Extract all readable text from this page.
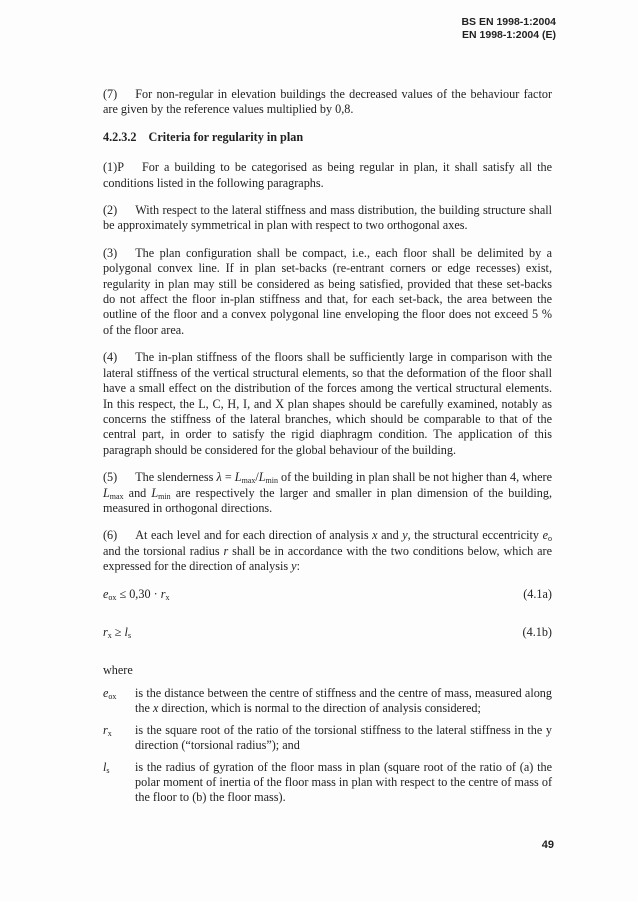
BS EN 1998-1:2004
EN 1998-1:2004 (E)

(7) For non-regular in elevation buildings the decreased values of the behaviour factor are given by the reference values multiplied by 0,8.

4.2.3.2 Criteria for regularity in plan

(1)P For a building to be categorised as being regular in plan, it shall satisfy all the conditions listed in the following paragraphs.

(2) With respect to the lateral stiffness and mass distribution, the building structure shall be approximately symmetrical in plan with respect to two orthogonal axes.

(3) The plan configuration shall be compact, i.e., each floor shall be delimited by a polygonal convex line. If in plan set-backs (re-entrant corners or edge recesses) exist, regularity in plan may still be considered as being satisfied, provided that these set-backs do not affect the floor in-plan stiffness and that, for each set-back, the area between the outline of the floor and a convex polygonal line enveloping the floor does not exceed 5 % of the floor area.

(4) The in-plan stiffness of the floors shall be sufficiently large in comparison with the lateral stiffness of the vertical structural elements, so that the deformation of the floor shall have a small effect on the distribution of the forces among the vertical structural elements. In this respect, the L, C, H, I, and X plan shapes should be carefully examined, notably as concerns the stiffness of the lateral branches, which should be comparable to that of the central part, in order to satisfy the rigid diaphragm condition. The application of this paragraph should be considered for the global behaviour of the building.

(5) The slenderness $\lambda = L_{max}/L_{min}$ of the building in plan shall be not higher than 4, where $L_{max}$ and $L_{min}$ are respectively the larger and smaller in plan dimension of the building, measured in orthogonal directions.

(6) At each level and for each direction of analysis x and y, the structural eccentricity $e_o$ and the torsional radius r shall be in accordance with the two conditions below, which are expressed for the direction of analysis y:

$e_{ox} \le 0,30 \cdot r_x$	(4.1a)
$r_x \ge l_s$	(4.1b)
where
$e_{ox}$	is the distance between the centre of stiffness and the centre of mass, measured along the x direction, which is normal to the direction of analysis considered;
$r_x$	is the square root of the ratio of the torsional stiffness to the lateral stiffness in the y direction (“torsional radius”); and
$l_s$	is the radius of gyration of the floor mass in plan (square root of the ratio of (a) the polar moment of inertia of the floor mass in plan with respect to the centre of mass of the floor to (b) the floor mass).
49
